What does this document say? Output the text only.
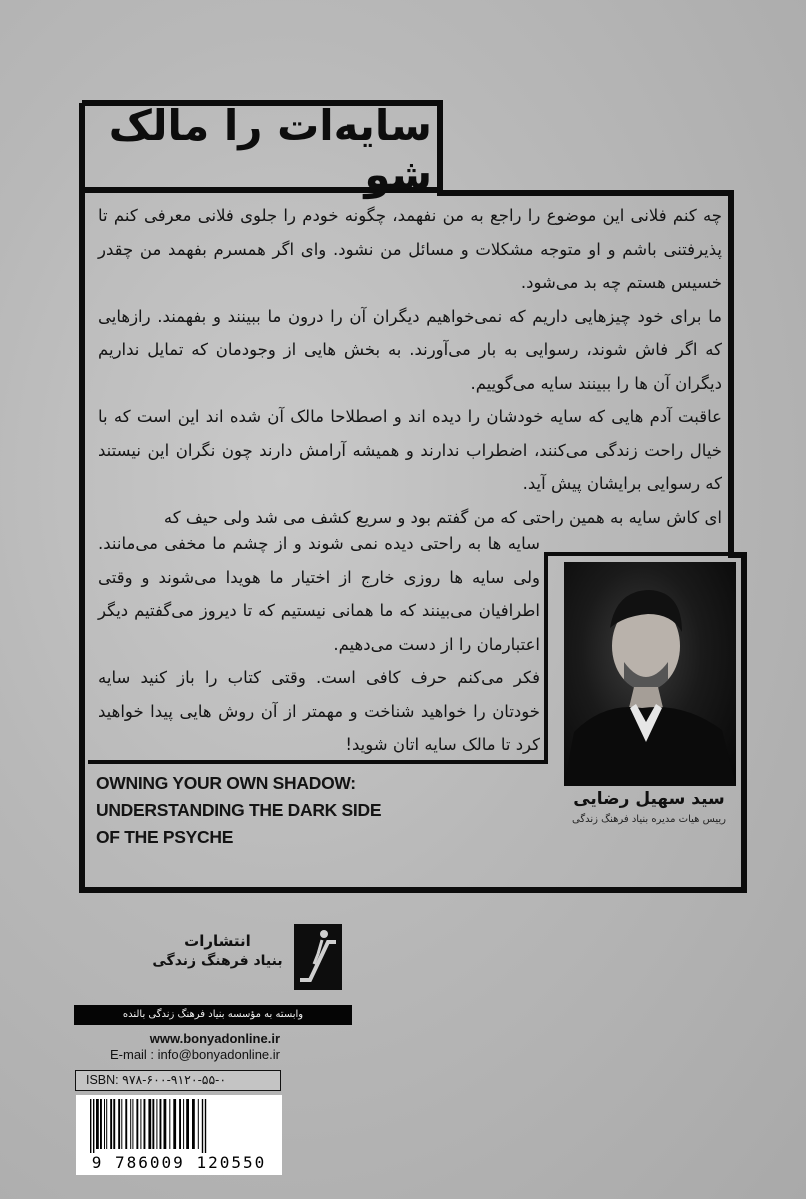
سایه‌ات را مالک شو

چه کنم فلانی این موضوع را راجع به من نفهمد، چگونه خودم را جلوی فلانی معرفی کنم تا پذیرفتنی باشم و او متوجه مشکلات و مسائل من نشود. وای اگر همسرم بفهمد من چقدر خسیس هستم چه بد می‌شود.

ما برای خود چیزهایی داریم که نمی‌خواهیم دیگران آن را درون ما ببینند و بفهمند. رازهایی که اگر فاش شوند، رسوایی به بار می‌آورند. به بخش هایی از وجودمان که تمایل نداریم دیگران آن ها را ببینند سایه می‌گوییم.

عاقبت آدم هایی که سایه خودشان را دیده اند و اصطلاحا مالک آن شده اند این است که با خیال راحت زندگی می‌کنند، اضطراب ندارند و همیشه آرامش دارند چون نگران این نیستند که رسوایی برایشان پیش آید.

ای کاش سایه به همین راحتی که من گفتم بود و سریع کشف می شد ولی حیف که

سایه ها به راحتی دیده نمی شوند و از چشم ما مخفی می‌مانند. ولی سایه ها روزی خارج از اختیار ما هویدا می‌شوند و وقتی اطرافیان می‌بینند که ما همانی نیستیم که تا دیروز می‌گفتیم دیگر اعتبارمان را از دست می‌دهیم.

فکر می‌کنم حرف کافی است. وقتی کتاب را باز کنید سایه خودتان را خواهید شناخت و مهمتر از آن روش هایی پیدا خواهید کرد تا مالک سایه اتان شوید!

سید سهیل رضایی
رییس هیات مدیره بنیاد فرهنگ زندگی
OWNING YOUR OWN SHADOW:
UNDERSTANDING THE DARK SIDE
OF THE PSYCHE
انتشارات
بنیاد فرهنگ زندگی
وابسته به مؤسسه بنیاد فرهنگ زندگی بالنده
www.bonyadonline.ir
E-mail : info@bonyadonline.ir
ISBN: ۹۷۸-۶۰۰-۹۱۲۰-۵۵-۰
9 786009 120550
